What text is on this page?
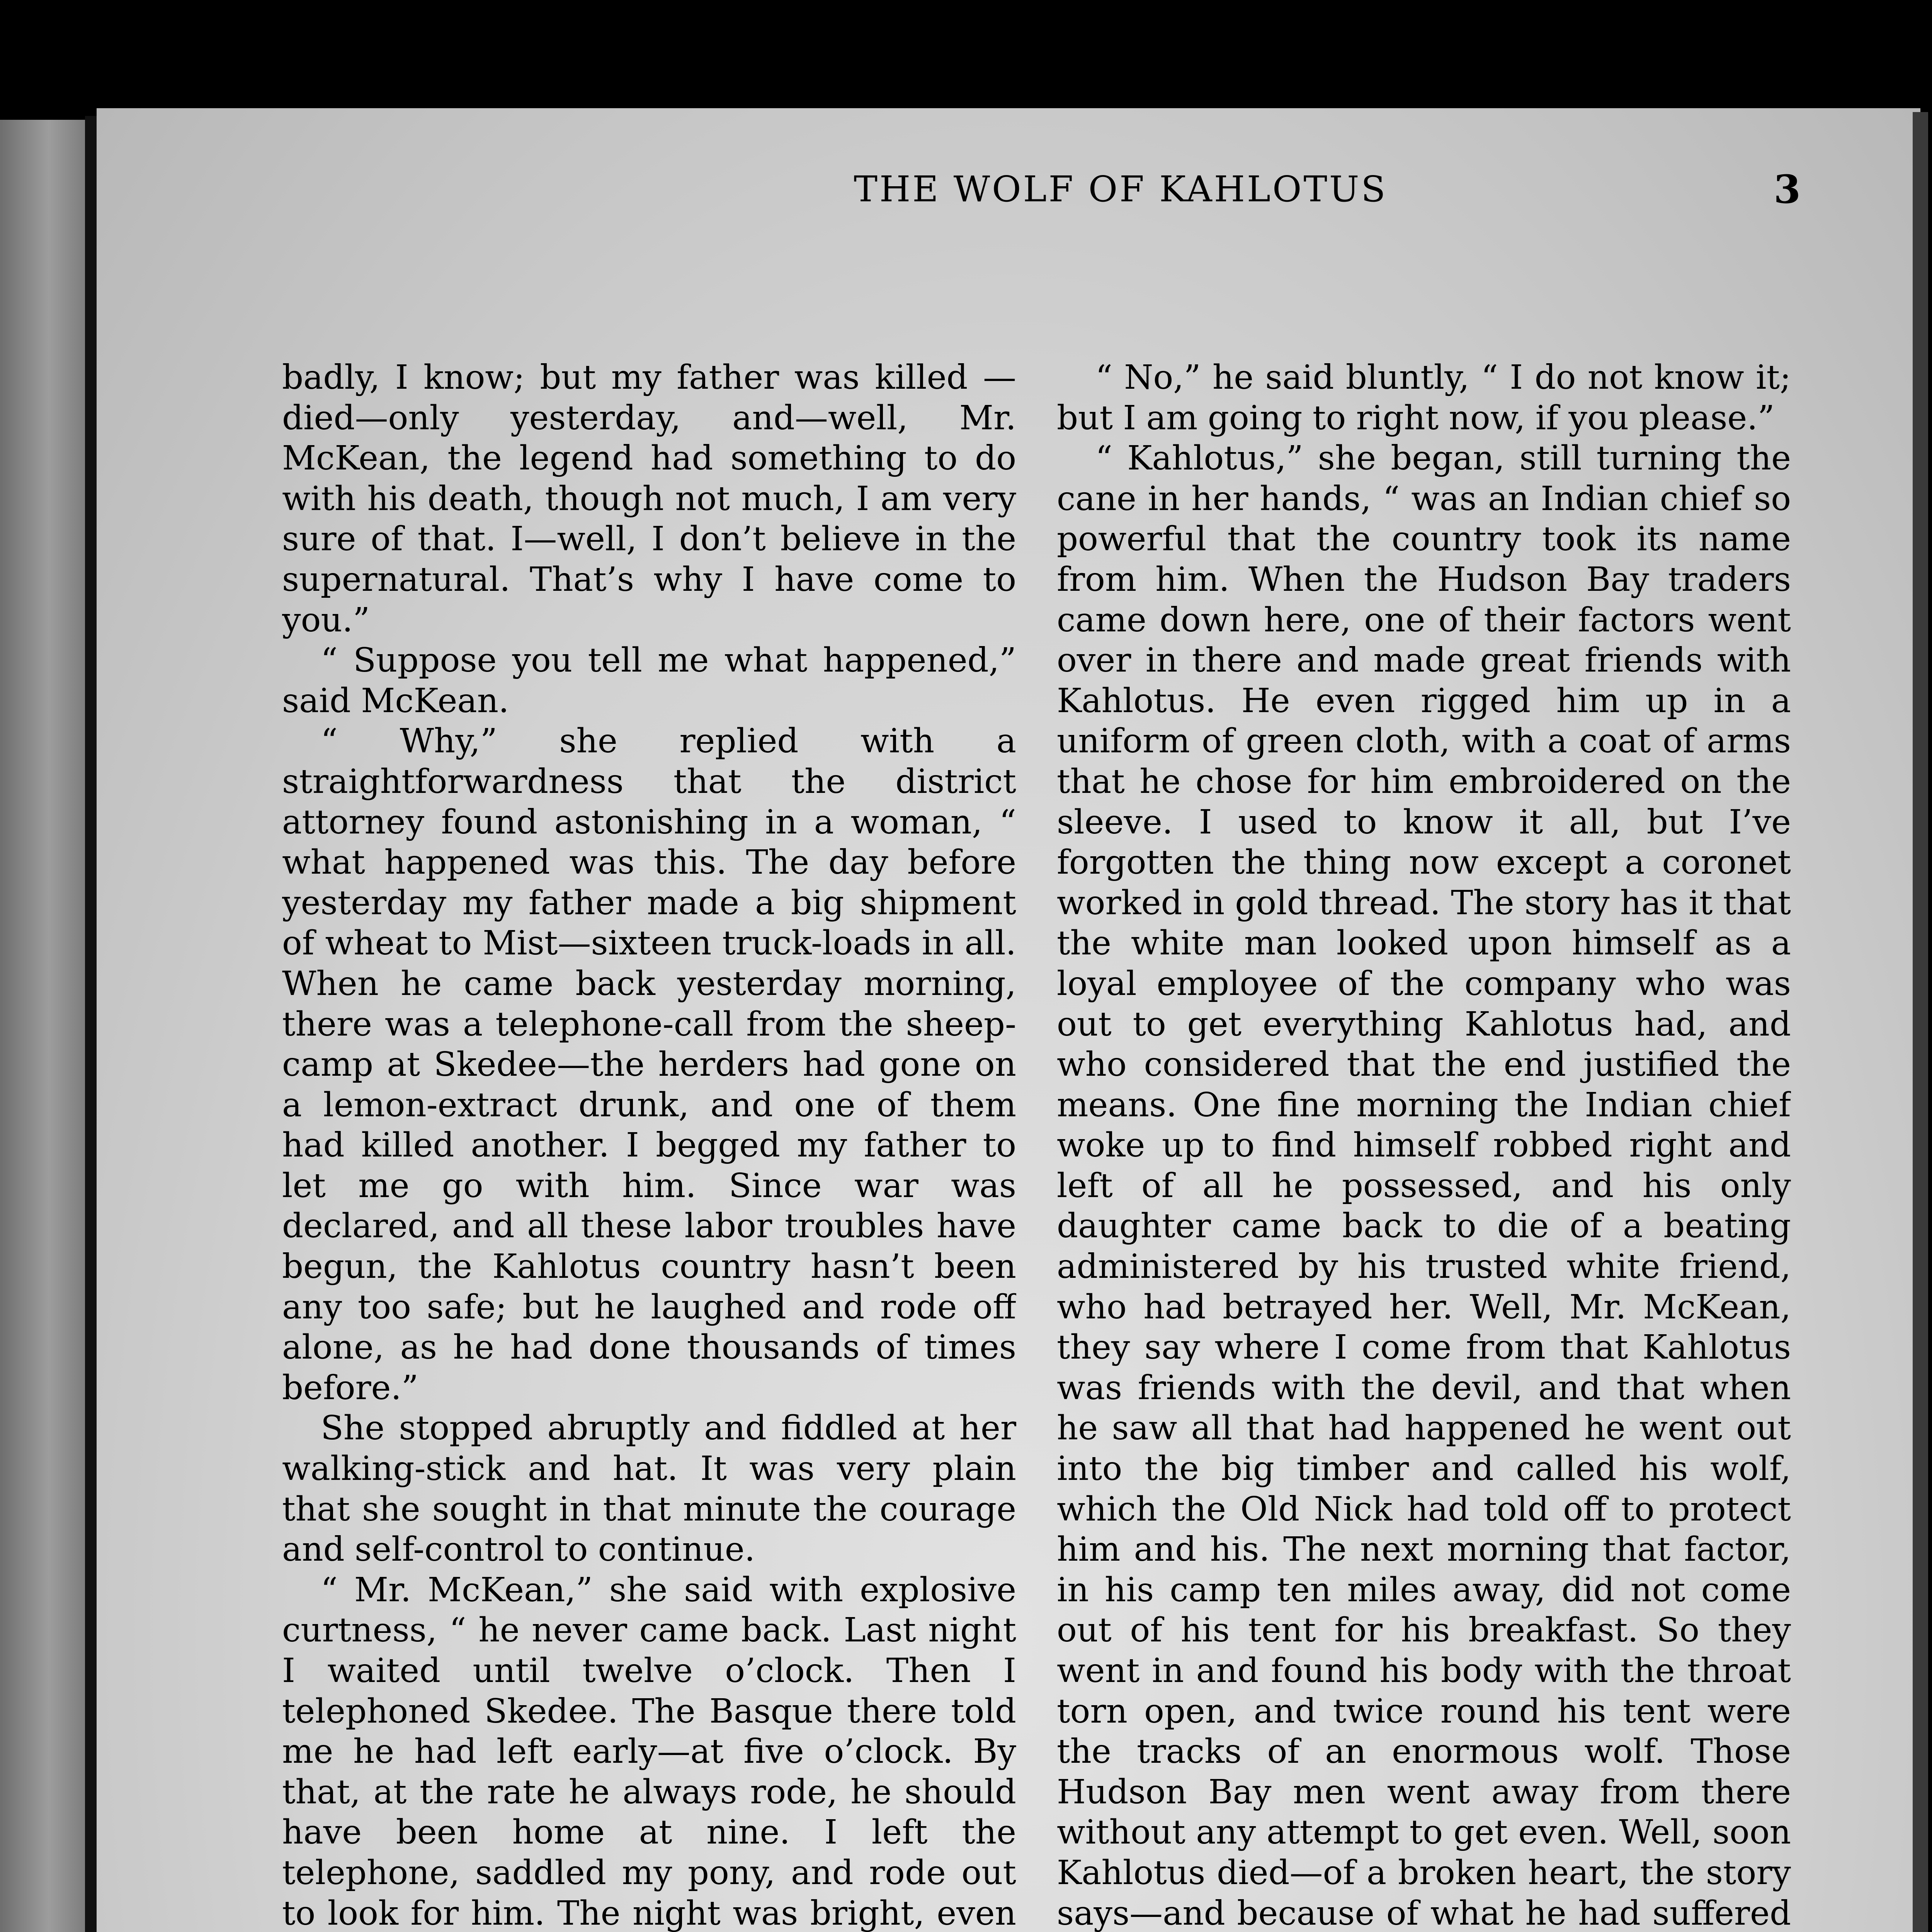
THE WOLF OF KAHLOTUS	3

badly, I know; but my father was killed —died—only yesterday, and—well, Mr. McKean, the legend had something to do with his death, though not much, I am very sure of that. I—well, I don’t believe in the supernatural. That’s why I have come to you.”

“ Suppose you tell me what happened,” said McKean.

“ Why,” she replied with a straightforwardness that the district attorney found astonishing in a woman, “ what happened was this. The day before yesterday my father made a big shipment of wheat to Mist—sixteen truck-loads in all. When he came back yesterday morning, there was a telephone-call from the sheep-camp at Skedee—the herders had gone on a lemon-extract drunk, and one of them had killed another. I begged my father to let me go with him. Since war was declared, and all these labor troubles have begun, the Kahlotus country hasn’t been any too safe; but he laughed and rode off alone, as he had done thousands of times before.”

She stopped abruptly and fiddled at her walking-stick and hat. It was very plain that she sought in that minute the courage and self-control to continue.

“ Mr. McKean,” she said with explosive curtness, “ he never came back. Last night I waited until twelve o’clock. Then I telephoned Skedee. The Basque there told me he had left early—at five o’clock. By that, at the rate he always rode, he should have been home at nine. I left the telephone, saddled my pony, and rode out to look for him. The night was bright, even

“ No,” he said bluntly, “ I do not know it; but I am going to right now, if you please.”

“ Kahlotus,” she began, still turning the cane in her hands, “ was an Indian chief so powerful that the country took its name from him. When the Hudson Bay traders came down here, one of their factors went over in there and made great friends with Kahlotus. He even rigged him up in a uniform of green cloth, with a coat of arms that he chose for him embroidered on the sleeve. I used to know it all, but I’ve forgotten the thing now except a coronet worked in gold thread. The story has it that the white man looked upon himself as a loyal employee of the company who was out to get everything Kahlotus had, and who considered that the end justified the means. One fine morning the Indian chief woke up to find himself robbed right and left of all he possessed, and his only daughter came back to die of a beating administered by his trusted white friend, who had betrayed her. Well, Mr. McKean, they say where I come from that Kahlotus was friends with the devil, and that when he saw all that had happened he went out into the big timber and called his wolf, which the Old Nick had told off to protect him and his. The next morning that factor, in his camp ten miles away, did not come out of his tent for his breakfast. So they went in and found his body with the throat torn open, and twice round his tent were the tracks of an enormous wolf. Those Hudson Bay men went away from there without any attempt to get even. Well, soon Kahlotus died—of a broken heart, the story says—and because of what he had suffered
